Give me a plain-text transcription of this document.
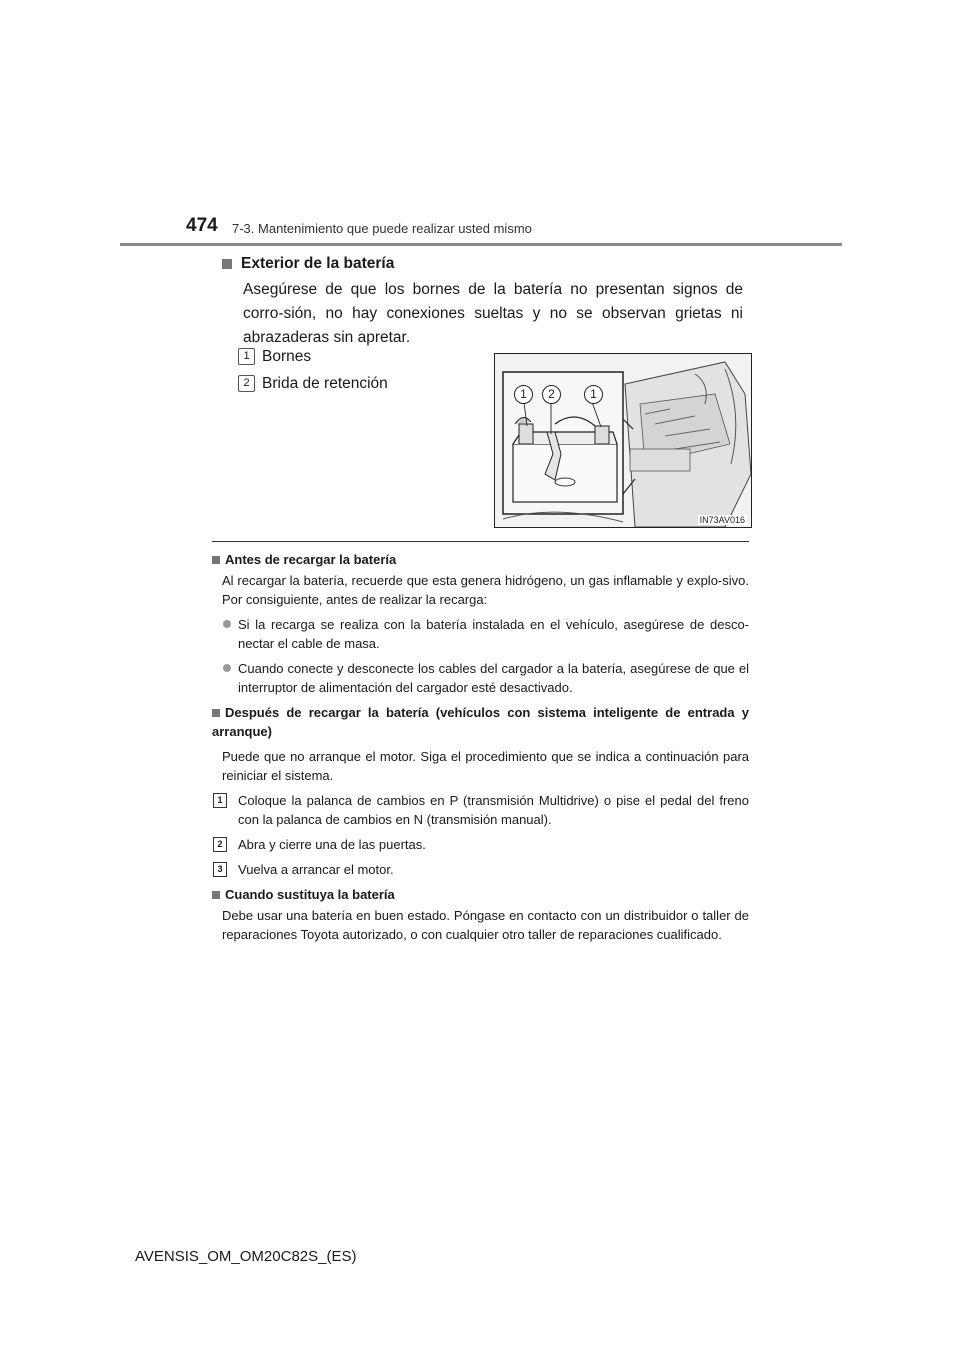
474 7-3. Mantenimiento que puede realizar usted mismo
Exterior de la batería
Asegúrese de que los bornes de la batería no presentan signos de corro-sión, no hay conexiones sueltas y no se observan grietas ni abrazaderas sin apretar.
1 Bornes
2 Brida de retención
1	2	1
IN73AV016

Antes de recargar la batería

Al recargar la batería, recuerde que esta genera hidrógeno, un gas inflamable y explo-sivo. Por consiguiente, antes de realizar la recarga:

Si la recarga se realiza con la batería instalada en el vehículo, asegúrese de desco-nectar el cable de masa.

Cuando conecte y desconecte los cables del cargador a la batería, asegúrese de que el interruptor de alimentación del cargador esté desactivado.

Después de recargar la batería (vehículos con sistema inteligente de entrada y arranque)

Puede que no arranque el motor. Siga el procedimiento que se indica a continuación para reiniciar el sistema.

1	Coloque la palanca de cambios en P (transmisión Multidrive) o pise el pedal del freno con la palanca de cambios en N (transmisión manual).

2	Abra y cierre una de las puertas.

3	Vuelva a arrancar el motor.

Cuando sustituya la batería

Debe usar una batería en buen estado. Póngase en contacto con un distribuidor o taller de reparaciones Toyota autorizado, o con cualquier otro taller de reparaciones cualificado.

AVENSIS_OM_OM20C82S_(ES)
